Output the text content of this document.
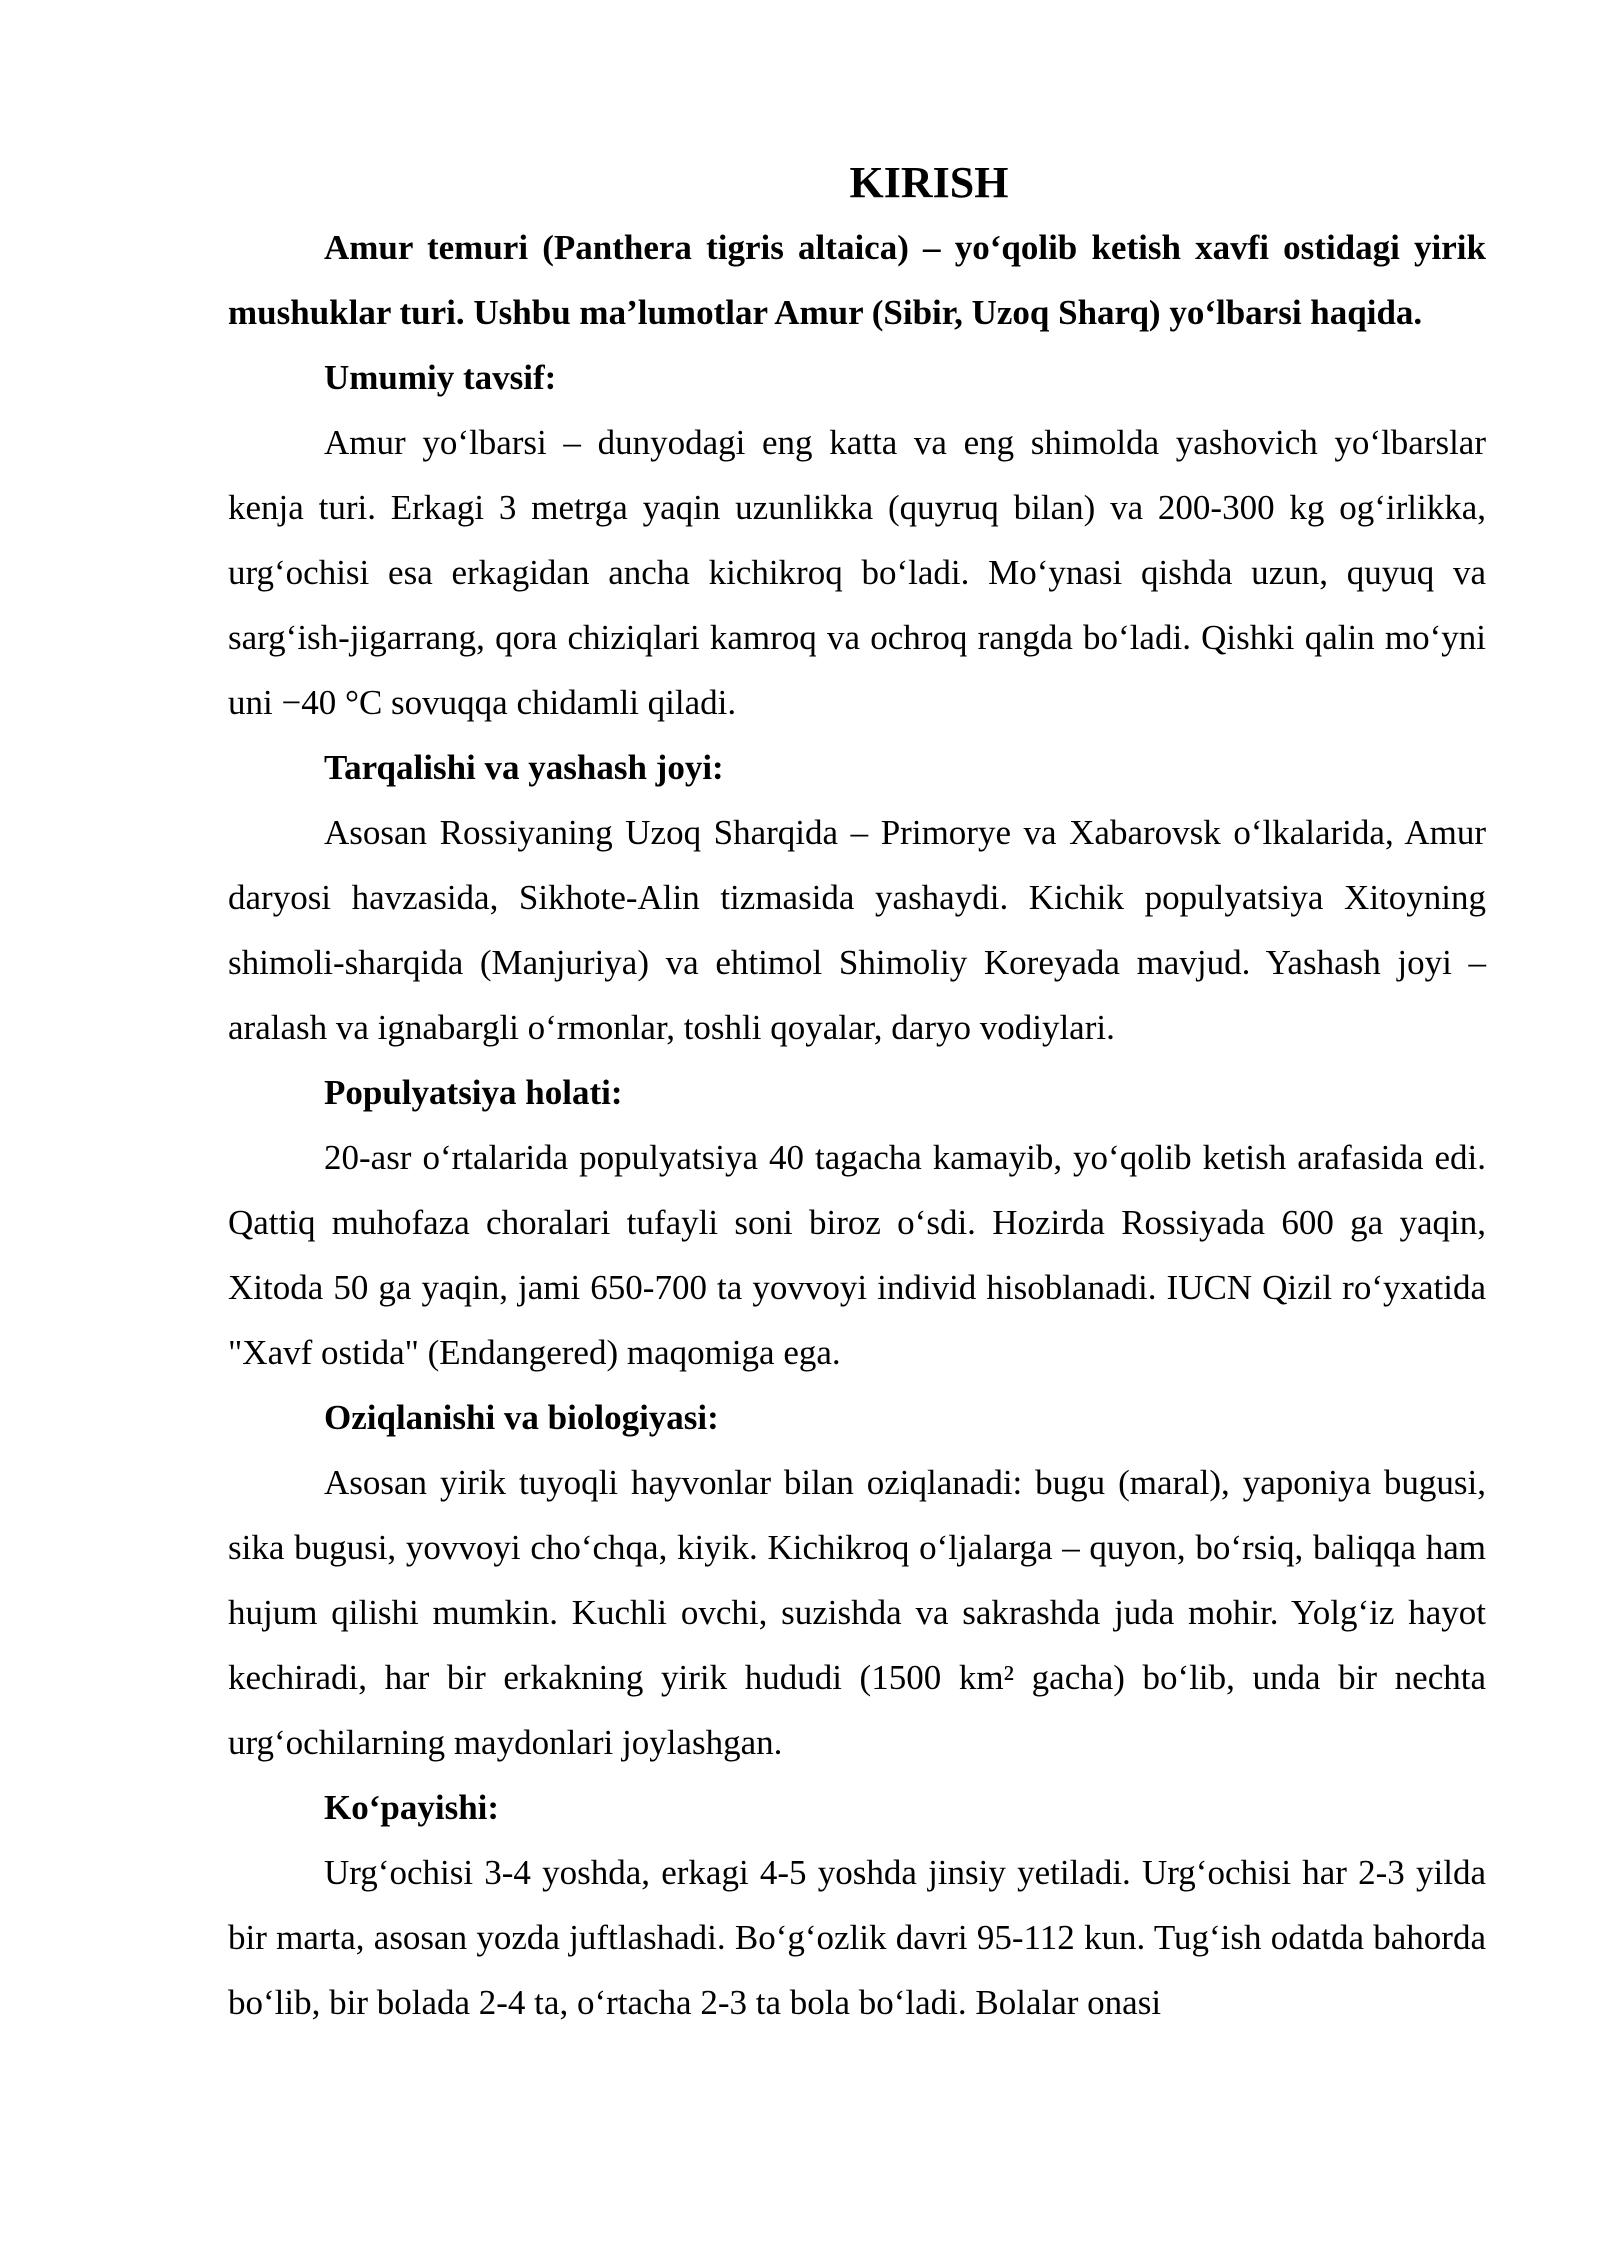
KIRISH

Amur temuri (Panthera tigris altaica) – yo‘qolib ketish xavfi ostidagi yirik mushuklar turi. Ushbu ma’lumotlar Amur (Sibir, Uzoq Sharq) yo‘lbarsi haqida.

Umumiy tavsif:

Amur yo‘lbarsi – dunyodagi eng katta va eng shimolda yashovich yo‘lbarslar kenja turi. Erkagi 3 metrga yaqin uzunlikka (quyruq bilan) va 200-300 kg og‘irlikka, urg‘ochisi esa erkagidan ancha kichikroq bo‘ladi. Mo‘ynasi qishda uzun, quyuq va sarg‘ish-jigarrang, qora chiziqlari kamroq va ochroq rangda bo‘ladi. Qishki qalin mo‘yni uni −40 °C sovuqqa chidamli qiladi.

Tarqalishi va yashash joyi:

Asosan Rossiyaning Uzoq Sharqida – Primorye va Xabarovsk o‘lkalarida, Amur daryosi havzasida, Sikhote-Alin tizmasida yashaydi. Kichik populyatsiya Xitoyning shimoli-sharqida (Manjuriya) va ehtimol Shimoliy Koreyada mavjud. Yashash joyi – aralash va ignabargli o‘rmonlar, toshli qoyalar, daryo vodiylari.

Populyatsiya holati:

20-asr o‘rtalarida populyatsiya 40 tagacha kamayib, yo‘qolib ketish arafasida edi. Qattiq muhofaza choralari tufayli soni biroz o‘sdi. Hozirda Rossiyada 600 ga yaqin, Xitoda 50 ga yaqin, jami 650-700 ta yovvoyi individ hisoblanadi. IUCN Qizil ro‘yxatida "Xavf ostida" (Endangered) maqomiga ega.

Oziqlanishi va biologiyasi:

Asosan yirik tuyoqli hayvonlar bilan oziqlanadi: bugu (maral), yaponiya bugusi, sika bugusi, yovvoyi cho‘chqa, kiyik. Kichikroq o‘ljalarga – quyon, bo‘rsiq, baliqqa ham hujum qilishi mumkin. Kuchli ovchi, suzishda va sakrashda juda mohir. Yolg‘iz hayot kechiradi, har bir erkakning yirik hududi (1500 km² gacha) bo‘lib, unda bir nechta urg‘ochilarning maydonlari joylashgan.

Ko‘payishi:

Urg‘ochisi 3-4 yoshda, erkagi 4-5 yoshda jinsiy yetiladi. Urg‘ochisi har 2-3 yilda bir marta, asosan yozda juftlashadi. Bo‘g‘ozlik davri 95-112 kun. Tug‘ish odatda bahorda bo‘lib, bir bolada 2-4 ta, o‘rtacha 2-3 ta bola bo‘ladi. Bolalar onasi
